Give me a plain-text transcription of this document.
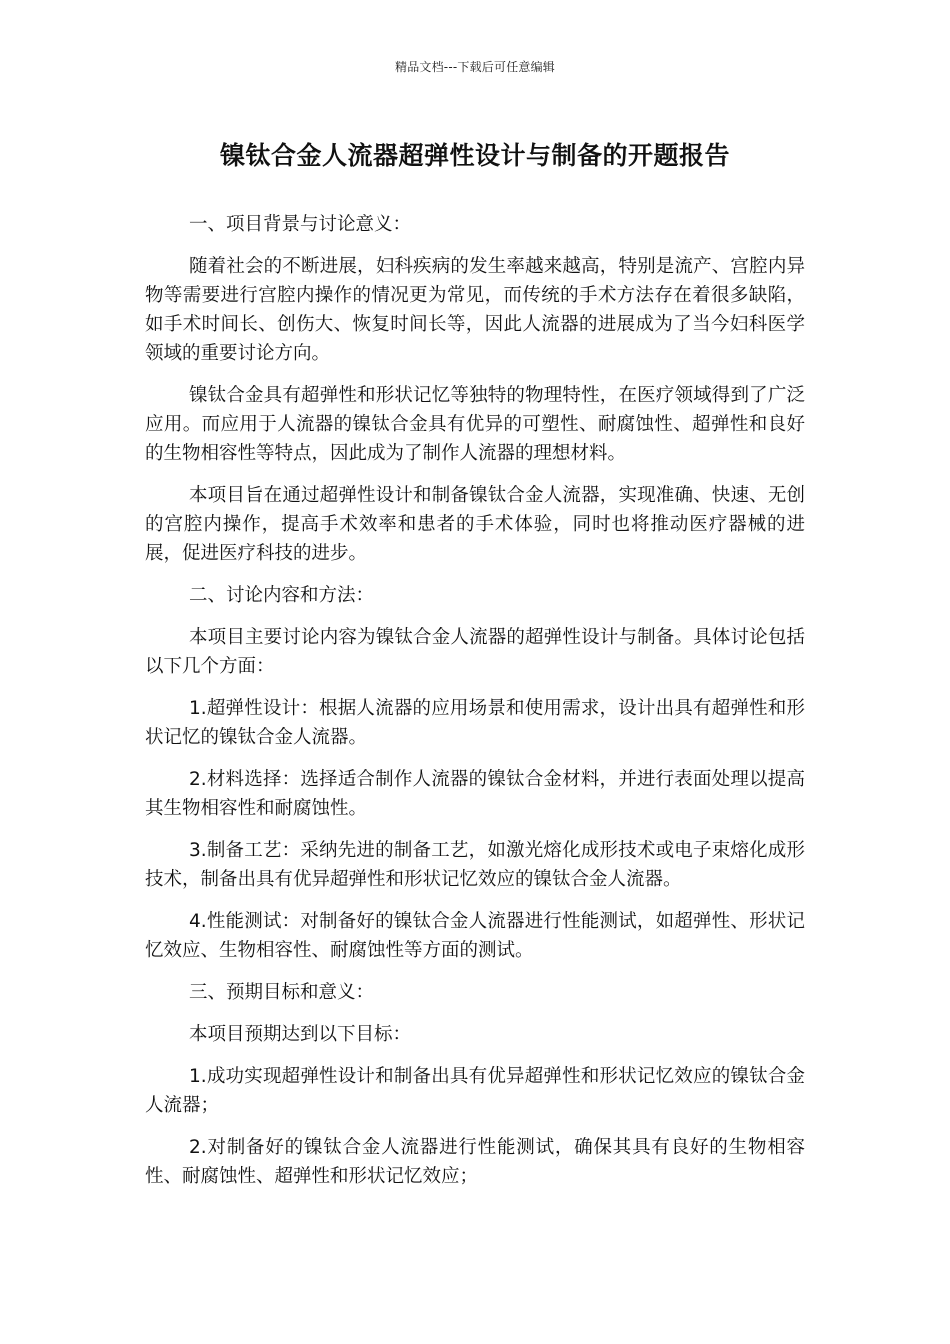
精品文档---下载后可任意编辑
镍钛合金人流器超弹性设计与制备的开题报告

一、项目背景与讨论意义：

随着社会的不断进展，妇科疾病的发生率越来越高，特别是流产、宫腔内异物等需要进行宫腔内操作的情况更为常见，而传统的手术方法存在着很多缺陷，如手术时间长、创伤大、恢复时间长等，因此人流器的进展成为了当今妇科医学领域的重要讨论方向。

镍钛合金具有超弹性和形状记忆等独特的物理特性，在医疗领域得到了广泛应用。而应用于人流器的镍钛合金具有优异的可塑性、耐腐蚀性、超弹性和良好的生物相容性等特点，因此成为了制作人流器的理想材料。

本项目旨在通过超弹性设计和制备镍钛合金人流器，实现准确、快速、无创的宫腔内操作，提高手术效率和患者的手术体验，同时也将推动医疗器械的进展，促进医疗科技的进步。

二、讨论内容和方法：

本项目主要讨论内容为镍钛合金人流器的超弹性设计与制备。具体讨论包括以下几个方面：

1.超弹性设计：根据人流器的应用场景和使用需求，设计出具有超弹性和形状记忆的镍钛合金人流器。

2.材料选择：选择适合制作人流器的镍钛合金材料，并进行表面处理以提高其生物相容性和耐腐蚀性。

3.制备工艺：采纳先进的制备工艺，如激光熔化成形技术或电子束熔化成形技术，制备出具有优异超弹性和形状记忆效应的镍钛合金人流器。

4.性能测试：对制备好的镍钛合金人流器进行性能测试，如超弹性、形状记忆效应、生物相容性、耐腐蚀性等方面的测试。

三、预期目标和意义：

本项目预期达到以下目标：

1.成功实现超弹性设计和制备出具有优异超弹性和形状记忆效应的镍钛合金人流器；

2.对制备好的镍钛合金人流器进行性能测试，确保其具有良好的生物相容性、耐腐蚀性、超弹性和形状记忆效应；
